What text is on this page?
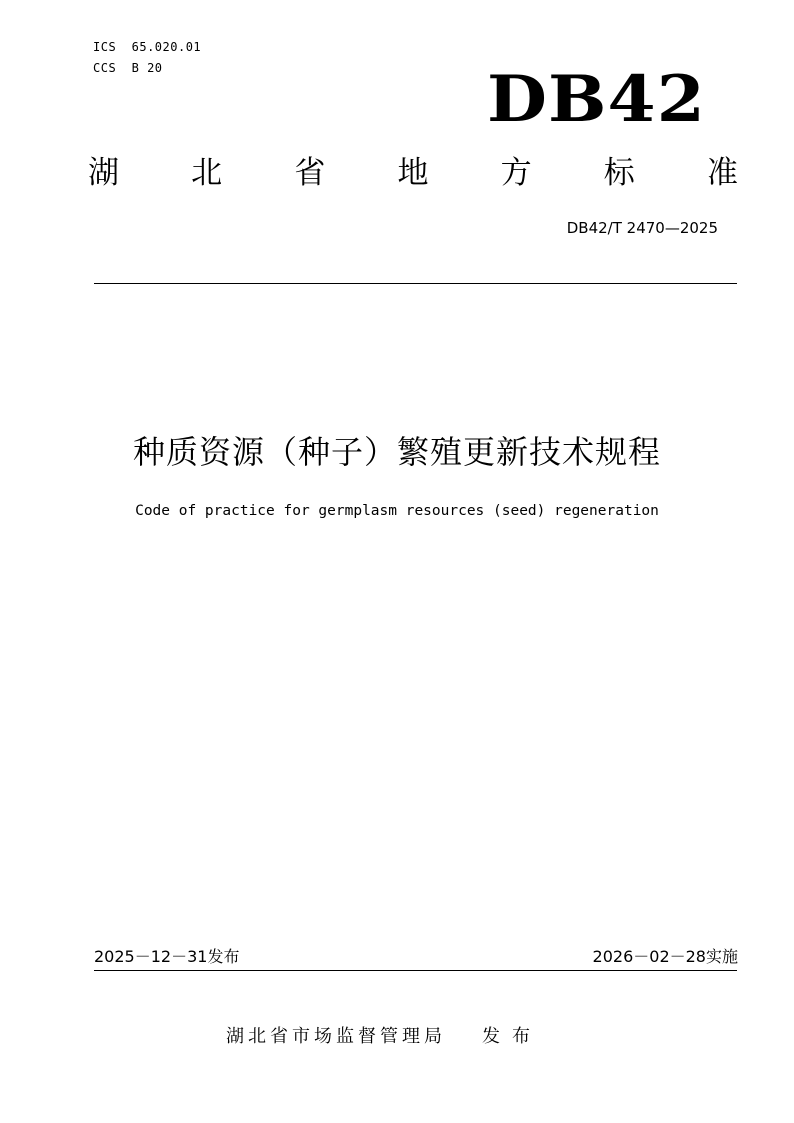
ICS  65.020.01
CCS  B 20	DB42
湖 北 省 地 方 标 准
DB42/T 2470—2025
种质资源（种子）繁殖更新技术规程
Code of practice for germplasm resources (seed) regeneration
2025－12－31发布	2026－02－28实施
湖北省市场监督管理局 发布
